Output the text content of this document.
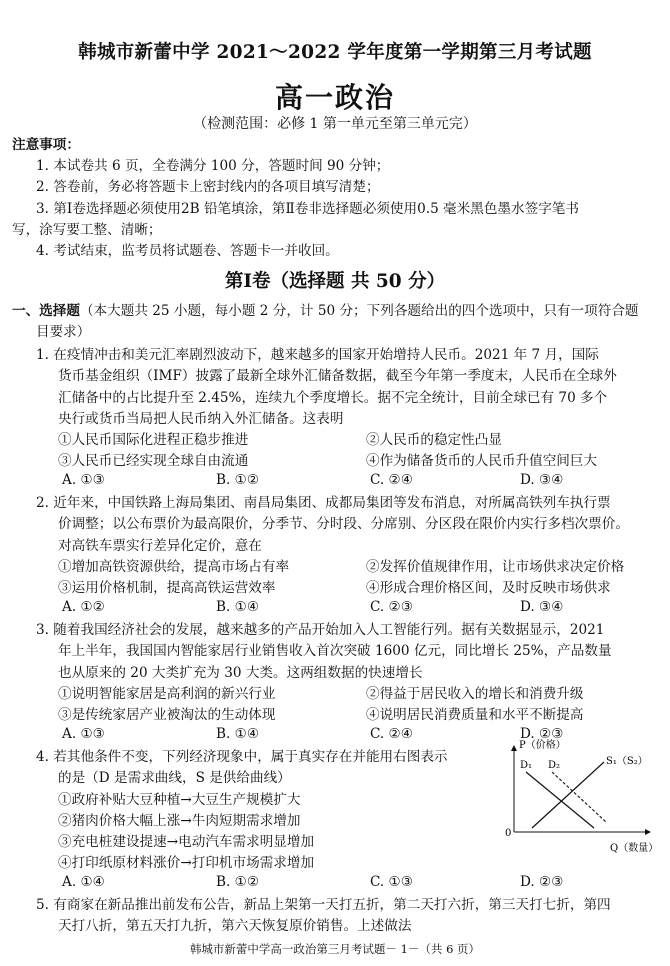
韩城市新蕾中学 2021～2022 学年度第一学期第三月考试题
高一政治
（检测范围：必修 1 第一单元至第三单元完）
注意事项：
1. 本试卷共 6 页，全卷满分 100 分，答题时间 90 分钟；
2. 答卷前，务必将答题卡上密封线内的各项目填写清楚；
3. 第Ⅰ卷选择题必须使用2B 铅笔填涂，第Ⅱ卷非选择题必须使用0.5 毫米黑色墨水签字笔书
写，涂写要工整、清晰；
4. 考试结束，监考员将试题卷、答题卡一并收回。
第Ⅰ卷（选择题 共 50 分）
一、选择题（本大题共 25 小题，每小题 2 分，计 50 分；下列各题给出的四个选项中，只有一项符合题
目要求）
1. 在疫情冲击和美元汇率剧烈波动下，越来越多的国家开始增持人民币。2021 年 7 月，国际
货币基金组织（IMF）披露了最新全球外汇储备数据，截至今年第一季度末，人民币在全球外
汇储备中的占比提升至 2.45%，连续九个季度增长。据不完全统计，目前全球已有 70 多个
央行或货币当局把人民币纳入外汇储备。这表明
①人民币国际化进程正稳步推进	②人民币的稳定性凸显
③人民币已经实现全球自由流通	④作为储备货币的人民币升值空间巨大
A. ①③	B. ①②	C. ②④	D. ③④
2. 近年来，中国铁路上海局集团、南昌局集团、成都局集团等发布消息，对所属高铁列车执行票
价调整；以公布票价为最高限价，分季节、分时段、分席别、分区段在限价内实行多档次票价。
对高铁车票实行差异化定价，意在
①增加高铁资源供给，提高市场占有率	②发挥价值规律作用，让市场供求决定价格
③运用价格机制，提高高铁运营效率	④形成合理价格区间，及时反映市场供求
A. ①②	B. ①④	C. ②③	D. ③④
3. 随着我国经济社会的发展，越来越多的产品开始加入人工智能行列。据有关数据显示，2021
年上半年，我国国内智能家居行业销售收入首次突破 1600 亿元，同比增长 25%，产品数量
也从原来的 20 大类扩充为 30 大类。这两组数据的快速增长
①说明智能家居是高利润的新兴行业	②得益于居民收入的增长和消费升级
③是传统家居产业被淘汰的生动体现	④说明居民消费质量和水平不断提高
A. ①③	B. ①④	C. ②④	D. ②③
4. 若其他条件不变，下列经济现象中，属于真实存在并能用右图表示
的是（D 是需求曲线，S 是供给曲线）
①政府补贴大豆种植→大豆生产规模扩大
②猪肉价格大幅上涨→牛肉短期需求增加
③充电桩建设提速→电动汽车需求明显增加
④打印纸原材料涨价→打印机市场需求增加
A. ①④	B. ①②	C. ①③	D. ②③
P（价格）
0
Q（数量）
D₁ D₂	S₁（S₂）
5. 有商家在新品推出前发布公告，新品上架第一天打五折，第二天打六折，第三天打七折，第四
天打八折，第五天打九折，第六天恢复原价销售。上述做法
韩城市新蕾中学高一政治第三月考试题－ 1－（共 6 页）
